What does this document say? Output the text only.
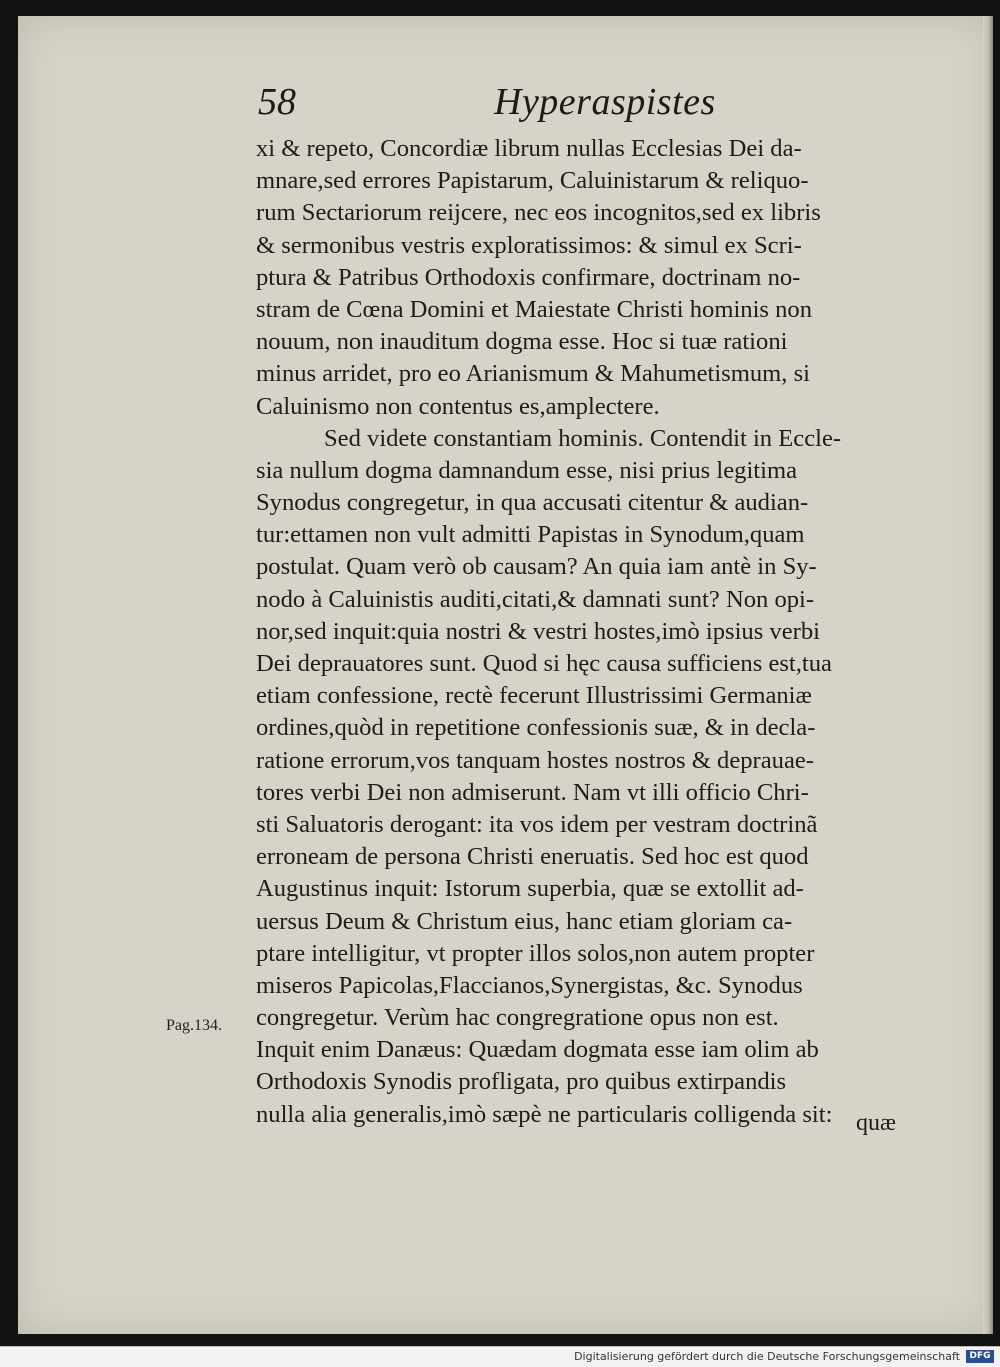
58	Hyperaspistes
xi & repeto, Concordiæ librum nullas Ecclesias Dei da-
mnare,sed errores Papistarum, Caluinistarum & reliquo-
rum Sectariorum reijcere, nec eos incognitos,sed ex libris
& sermonibus vestris exploratissimos: & simul ex Scri-
ptura & Patribus Orthodoxis confirmare, doctrinam no-
stram de Cœna Domini et Maiestate Christi hominis non
nouum, non inauditum dogma esse. Hoc si tuæ rationi
minus arridet, pro eo Arianismum & Mahumetismum, si
Caluinismo non contentus es,amplectere.
Sed videte constantiam hominis. Contendit in Eccle-
sia nullum dogma damnandum esse, nisi prius legitima
Synodus congregetur, in qua accusati citentur & audian-
tur:ettamen non vult admitti Papistas in Synodum,quam
postulat. Quam verò ob causam? An quia iam antè in Sy-
nodo à Caluinistis auditi,citati,& damnati sunt? Non opi-
nor,sed inquit:quia nostri & vestri hostes,imò ipsius verbi
Dei deprauatores sunt. Quod si hęc causa sufficiens est,tua
etiam confessione, rectè fecerunt Illustrissimi Germaniæ
ordines,quòd in repetitione confessionis suæ, & in decla-
ratione errorum,vos tanquam hostes nostros & deprauae-
tores verbi Dei non admiserunt. Nam vt illi officio Chri-
sti Saluatoris derogant: ita vos idem per vestram doctrinã
erroneam de persona Christi eneruatis. Sed hoc est quod
Augustinus inquit: Istorum superbia, quæ se extollit ad-
uersus Deum & Christum eius, hanc etiam gloriam ca-
ptare intelligitur, vt propter illos solos,non autem propter
miseros Papicolas,Flaccianos,Synergistas, &c. Synodus
congregetur. Verùm hac congregratione opus non est.
Inquit enim Danæus: Quædam dogmata esse iam olim ab
Orthodoxis Synodis profligata, pro quibus extirpandis
nulla alia generalis,imò sæpè ne particularis colligenda sit:
Pag.134.
quæ
Digitalisierung gefördert durch die Deutsche Forschungsgemeinschaft	DFG
